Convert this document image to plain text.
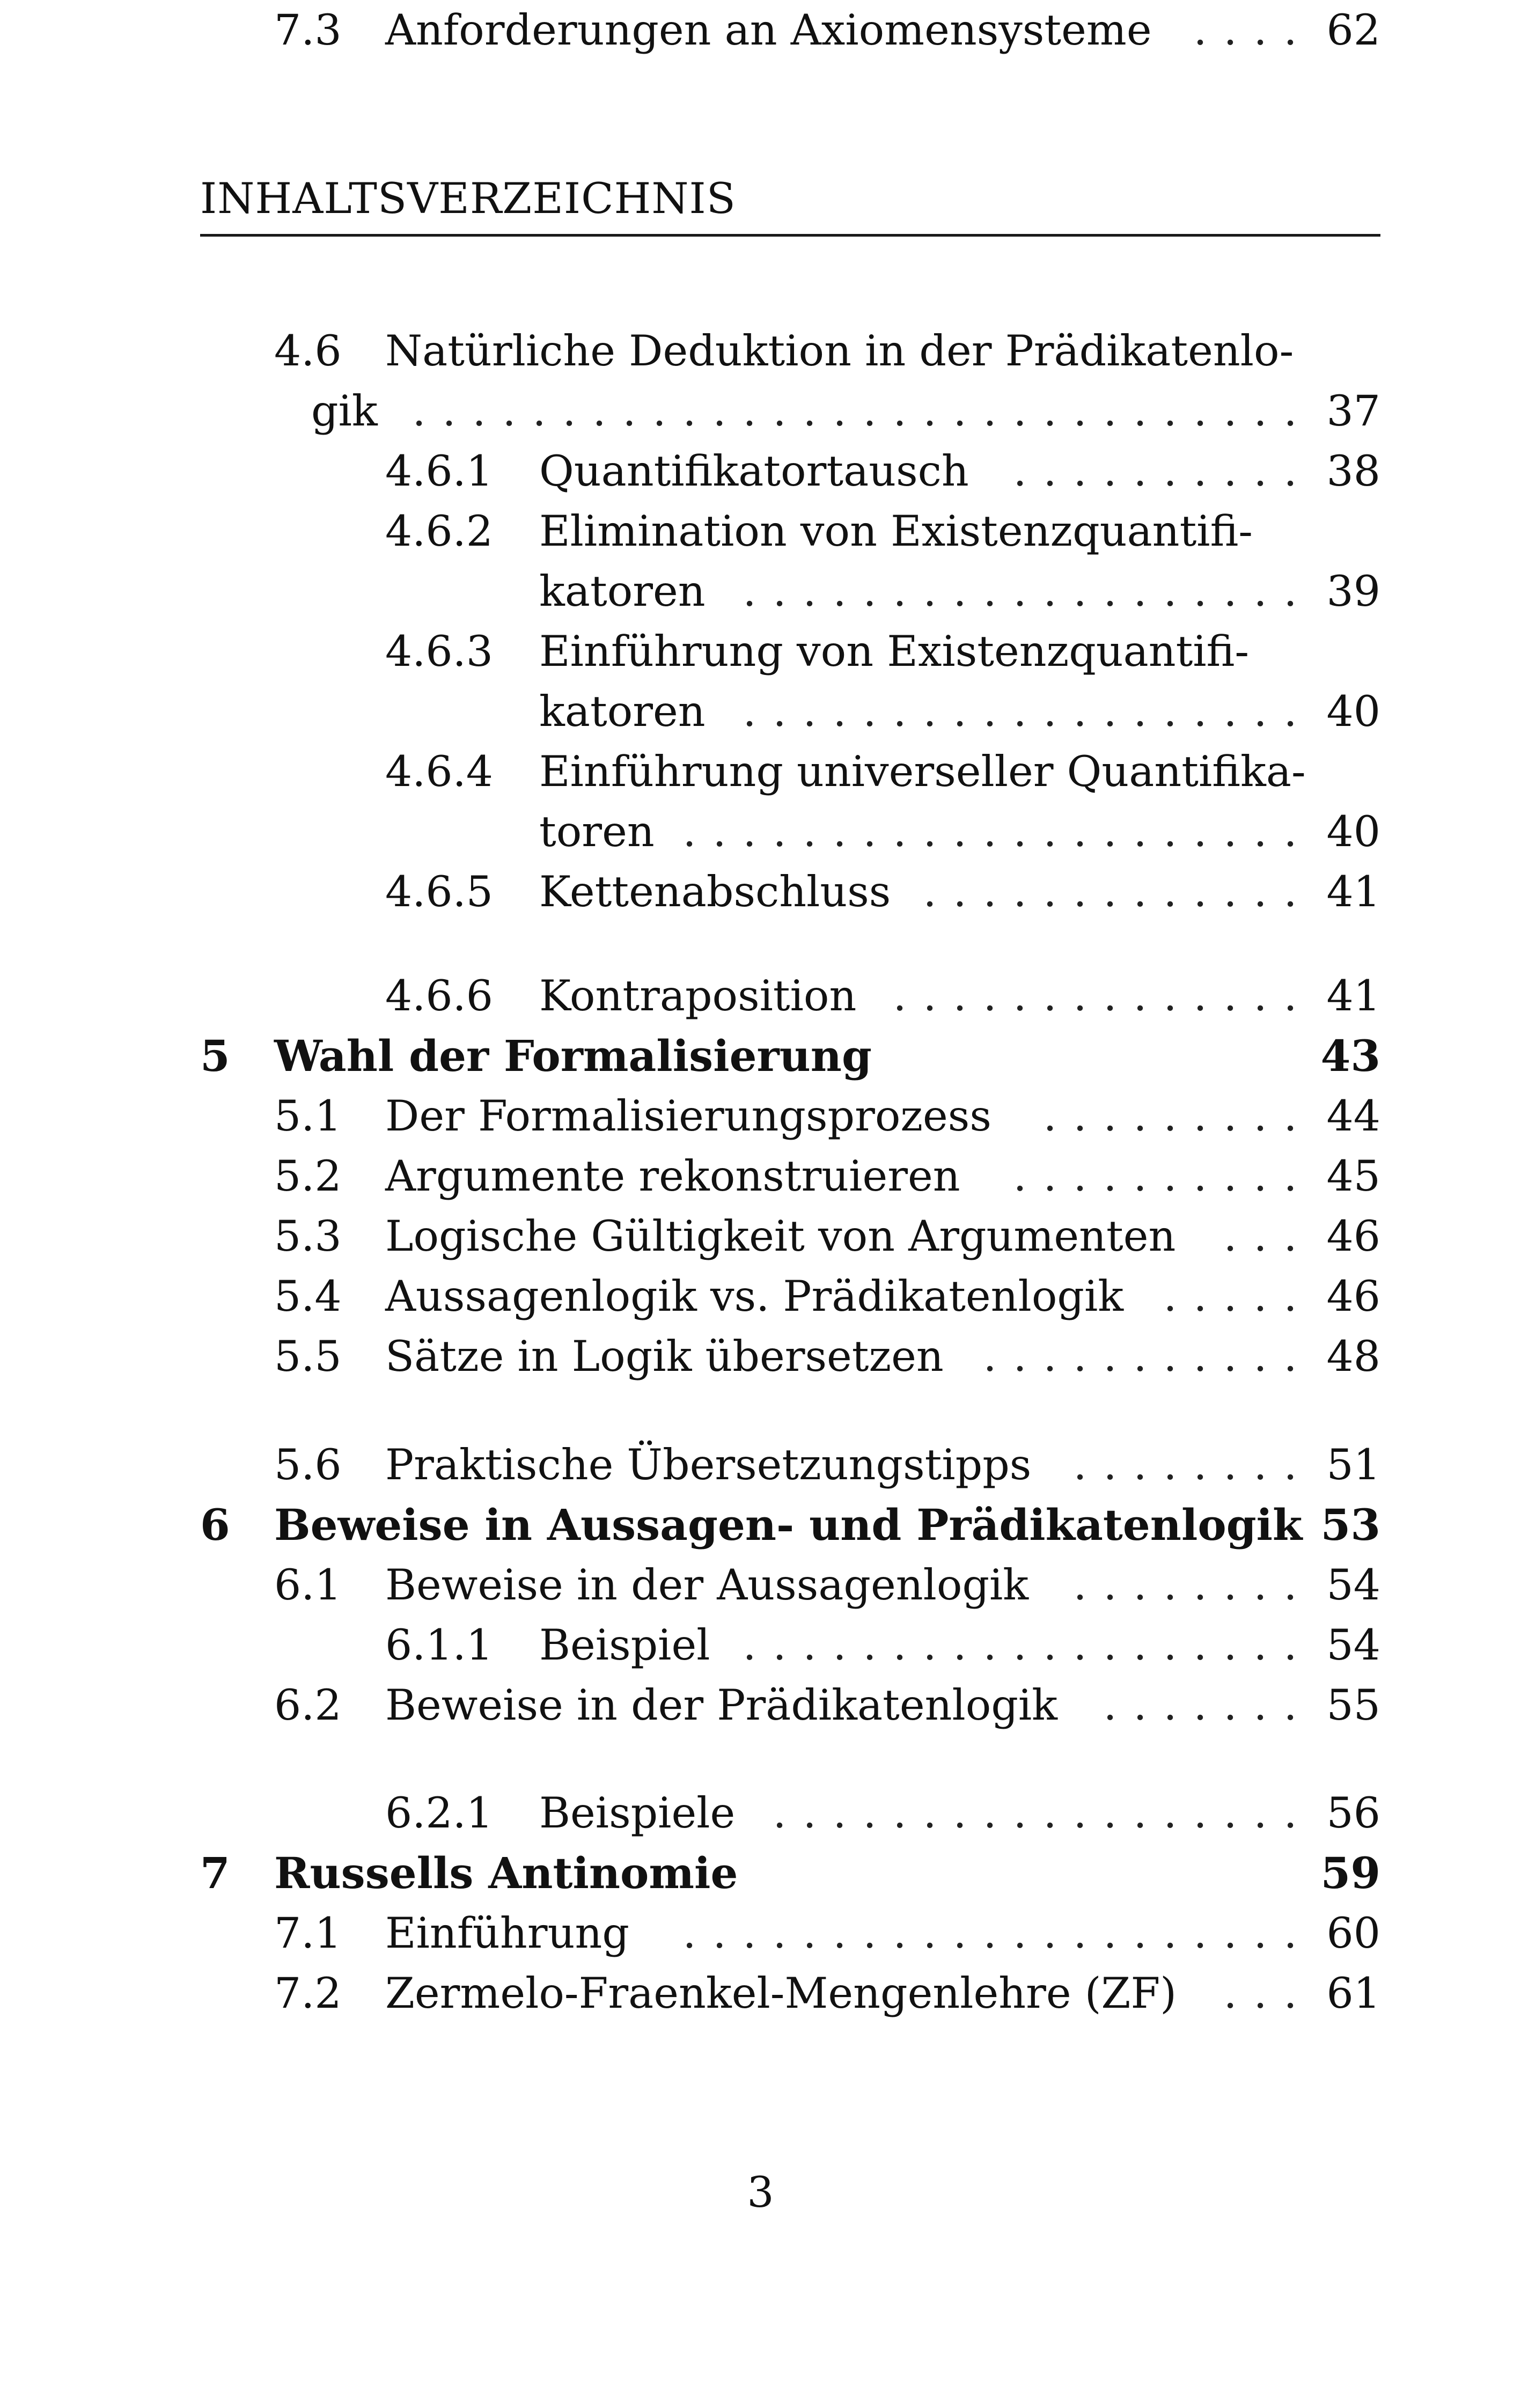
INHALTSVERZEICHNIS
4.6 Natürliche Deduktion in der Prädikatenlo-
gik . . . . . . . . . . . . . . . . . . . . . . . . . . . . . . 37
4.6.1 Quantifikatortausch	. . . . . . . . . . 38
4.6.2 Elimination von Existenzquantifi-
katoren . . . . . . . . . . . . . . . . . . . 39
4.6.3 Einführung von Existenzquantifi-
katoren . . . . . . . . . . . . . . . . . . . 40
4.6.4 Einführung universeller Quantifika-
toren . . . . . . . . . . . . . . . . . . . . . 40
4.6.5 Kettenabschluss . . . . . . . . . . . . . 41
4.6.6 Kontraposition . . . . . . . . . . . . . . 41
5 Wahl der Formalisierung	43
5.1 Der Formalisierungsprozess	. . . . . . . . . 44
5.2 Argumente rekonstruieren	. . . . . . . . . . 45
5.3 Logische Gültigkeit von Argumenten	. . . 46
5.4 Aussagenlogik vs. Prädikatenlogik . . . . . 46
5.5 Sätze in Logik übersetzen . . . . . . . . . . . 48
5.6 Praktische Übersetzungstipps . . . . . . . . 51
6 Beweise in Aussagen- und Prädikatenlogik 53
6.1 Beweise in der Aussagenlogik	. . . . . . . . 54
6.1.1 Beispiel . . . . . . . . . . . . . . . . . . . 54
6.2 Beweise in der Prädikatenlogik	. . . . . . . 55
6.2.1 Beispiele . . . . . . . . . . . . . . . . . . 56
7 Russells Antinomie	59
7.1 Einführung	. . . . . . . . . . . . . . . . . . . . . 60
7.2 Zermelo-Fraenkel-Mengenlehre (ZF)	. . . 61
7.3 Anforderungen an Axiomensysteme . . . . 62
3
